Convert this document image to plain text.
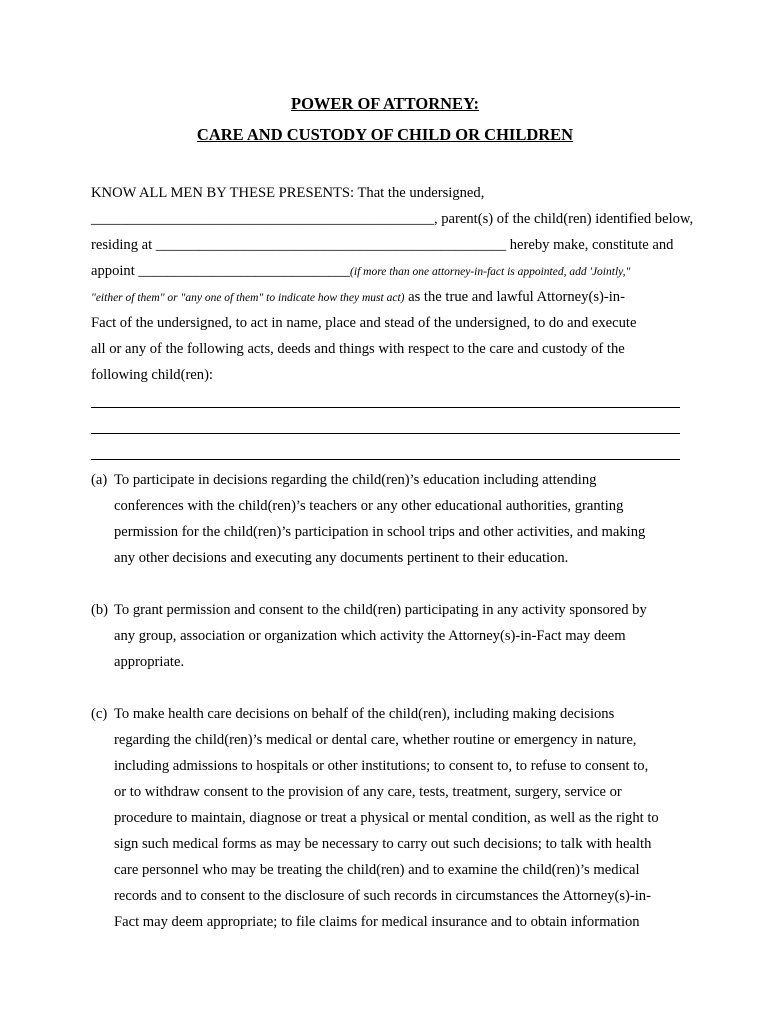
POWER OF ATTORNEY:
CARE AND CUSTODY OF CHILD OR CHILDREN
KNOW ALL MEN BY THESE PRESENTS: That the undersigned,
_______________________________________________, parent(s) of the child(ren) identified below,
residing at ________________________________________________ hereby make, constitute and
appoint _____________________________(if more than one attorney-in-fact is appointed, add 'Jointly,"
"either of them" or "any one of them" to indicate how they must act) as the true and lawful Attorney(s)-in-
Fact of the undersigned, to act in name, place and stead of the undersigned, to do and execute
all or any of the following acts, deeds and things with respect to the care and custody of the
following child(ren):
(a) To participate in decisions regarding the child(ren)’s education including attending
conferences with the child(ren)’s teachers or any other educational authorities, granting
permission for the child(ren)’s participation in school trips and other activities, and making
any other decisions and executing any documents pertinent to their education.
(b) To grant permission and consent to the child(ren) participating in any activity sponsored by
any group, association or organization which activity the Attorney(s)-in-Fact may deem
appropriate.
(c) To make health care decisions on behalf of the child(ren), including making decisions
regarding the child(ren)’s medical or dental care, whether routine or emergency in nature,
including admissions to hospitals or other institutions; to consent to, to refuse to consent to,
or to withdraw consent to the provision of any care, tests, treatment, surgery, service or
procedure to maintain, diagnose or treat a physical or mental condition, as well as the right to
sign such medical forms as may be necessary to carry out such decisions; to talk with health
care personnel who may be treating the child(ren) and to examine the child(ren)’s medical
records and to consent to the disclosure of such records in circumstances the Attorney(s)-in-
Fact may deem appropriate; to file claims for medical insurance and to obtain information
